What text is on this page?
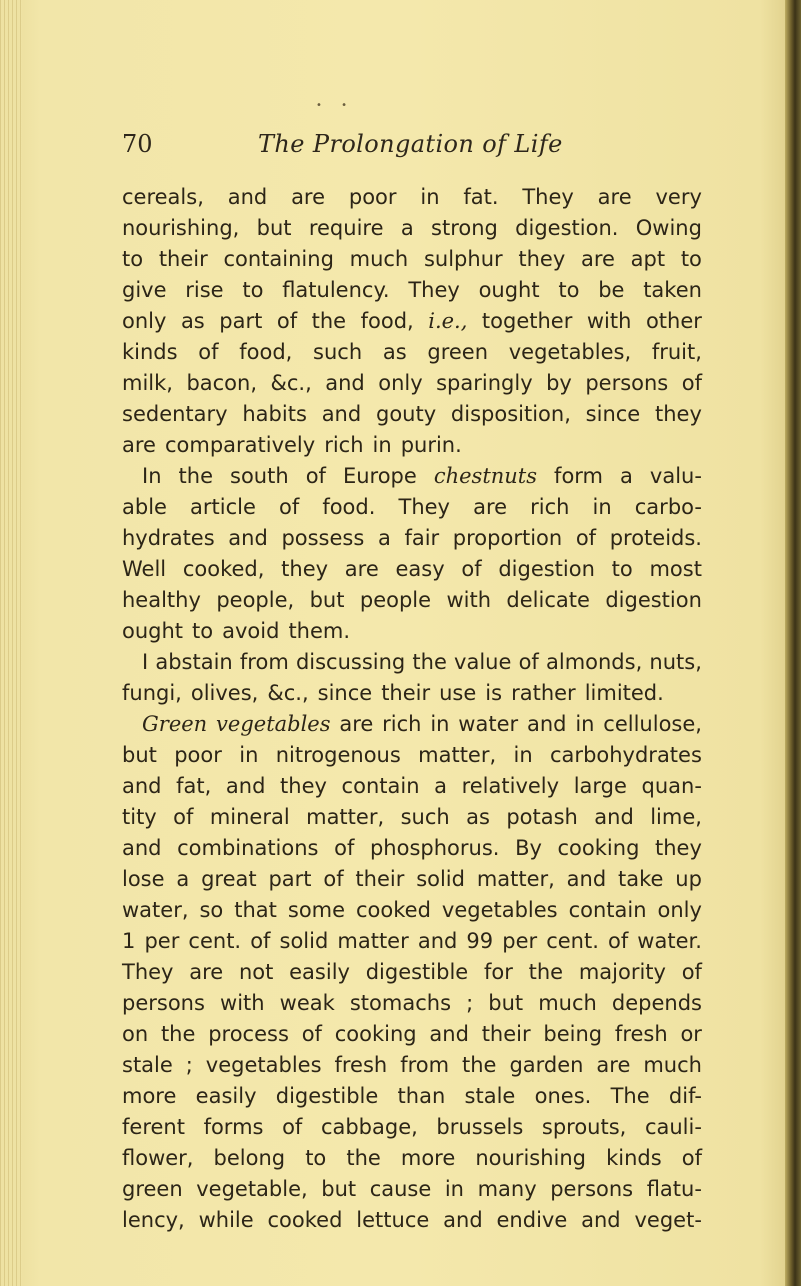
• •
70	The Prolongation of Life
cereals, and are poor in fat. They are very
nourishing, but require a strong digestion. Owing
to their containing much sulphur they are apt to
give rise to flatulency. They ought to be taken
only as part of the food, i.e., together with other
kinds of food, such as green vegetables, fruit,
milk, bacon, &c., and only sparingly by persons of
sedentary habits and gouty disposition, since they
are comparatively rich in purin.
In the south of Europe chestnuts form a valu-
able article of food. They are rich in carbo-
hydrates and possess a fair proportion of proteids.
Well cooked, they are easy of digestion to most
healthy people, but people with delicate digestion
ought to avoid them.
I abstain from discussing the value of almonds, nuts,
fungi, olives, &c., since their use is rather limited.
Green vegetables are rich in water and in cellulose,
but poor in nitrogenous matter, in carbohydrates
and fat, and they contain a relatively large quan-
tity of mineral matter, such as potash and lime,
and combinations of phosphorus. By cooking they
lose a great part of their solid matter, and take up
water, so that some cooked vegetables contain only
1 per cent. of solid matter and 99 per cent. of water.
They are not easily digestible for the majority of
persons with weak stomachs ; but much depends
on the process of cooking and their being fresh or
stale ; vegetables fresh from the garden are much
more easily digestible than stale ones. The dif-
ferent forms of cabbage, brussels sprouts, cauli-
flower, belong to the more nourishing kinds of
green vegetable, but cause in many persons flatu-
lency, while cooked lettuce and endive and veget-
